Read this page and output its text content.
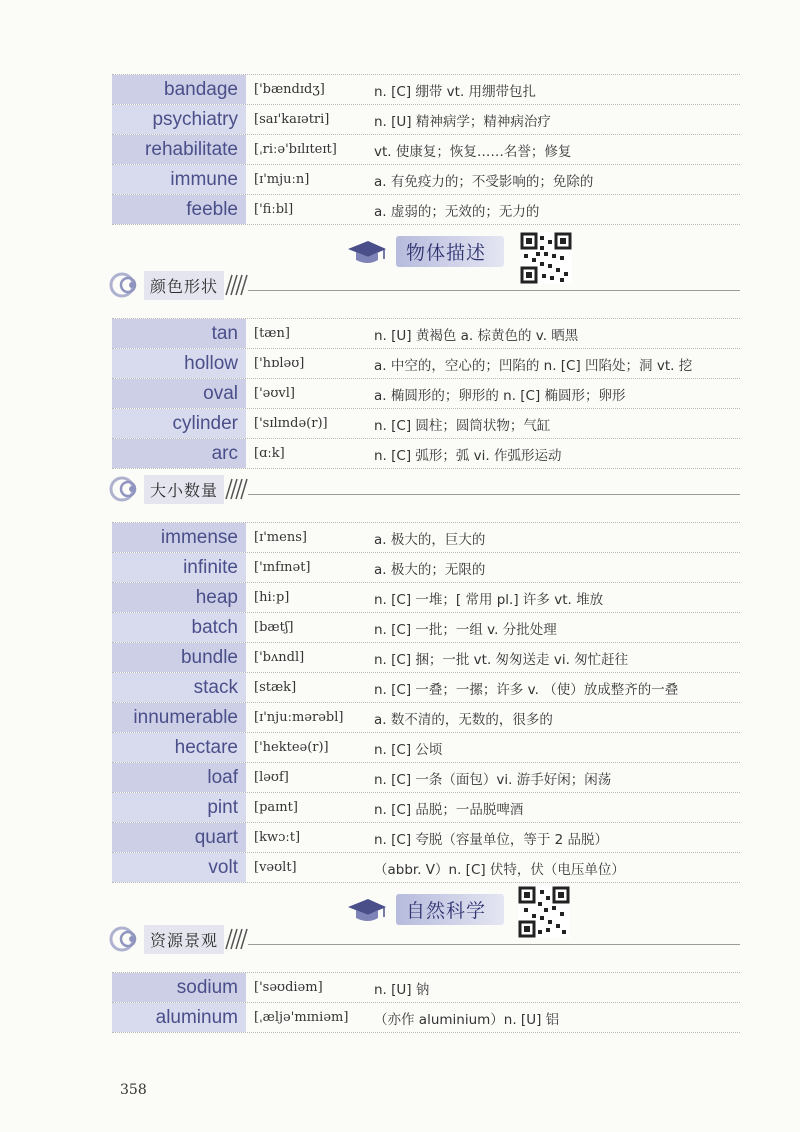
bandage	['bændɪdʒ]	n. [C] 绷带 vt. 用绷带包扎
psychiatry	[saɪ'kaɪətri]	n. [U] 精神病学；精神病治疗
rehabilitate	[ˌriːə'bɪlɪteɪt]	vt. 使康复；恢复……名誉；修复
immune	[ɪ'mjuːn]	a. 有免疫力的；不受影响的；免除的
feeble	['fiːbl]	a. 虚弱的；无效的；无力的
物体描述
颜色形状
tan	[tæn]	n. [U] 黄褐色 a. 棕黄色的 v. 晒黑
hollow	['hɒləʊ]	a. 中空的，空心的；凹陷的 n. [C] 凹陷处；洞 vt. 挖
oval	['əʊvl]	a. 椭圆形的；卵形的 n. [C] 椭圆形；卵形
cylinder	['sɪlɪndə(r)]	n. [C] 圆柱；圆筒状物；气缸
arc	[ɑːk]	n. [C] 弧形；弧 vi. 作弧形运动
大小数量
immense	[ɪ'mens]	a. 极大的，巨大的
infinite	['ɪnfɪnət]	a. 极大的；无限的
heap	[hiːp]	n. [C] 一堆；[ 常用 pl.] 许多 vt. 堆放
batch	[bætʃ]	n. [C] 一批；一组 v. 分批处理
bundle	['bʌndl]	n. [C] 捆；一批 vt. 匆匆送走 vi. 匆忙赶往
stack	[stæk]	n. [C] 一叠；一摞；许多 v. （使）放成整齐的一叠
innumerable	[ɪ'njuːmərəbl]	a. 数不清的，无数的，很多的
hectare	['hekteə(r)]	n. [C] 公顷
loaf	[ləʊf]	n. [C] 一条（面包）vi. 游手好闲；闲荡
pint	[paɪnt]	n. [C] 品脱；一品脱啤酒
quart	[kwɔːt]	n. [C] 夸脱（容量单位，等于 2 品脱）
volt	[vəʊlt]	（abbr. V）n. [C] 伏特，伏（电压单位）
自然科学
资源景观
sodium	['səʊdiəm]	n. [U] 钠
aluminum	[ˌæljə'mɪniəm]	（亦作 aluminium）n. [U] 铝
358
